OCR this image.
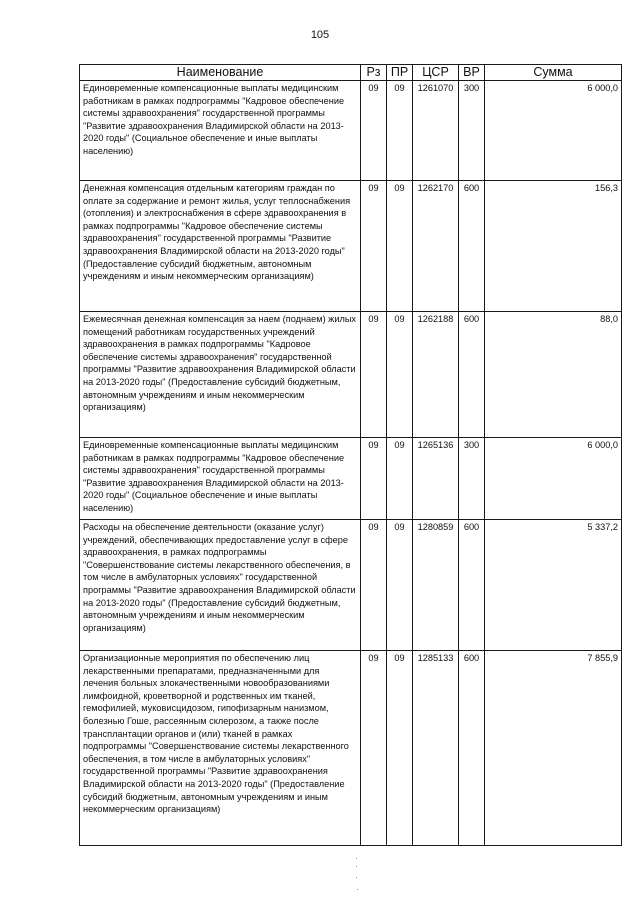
105
Наименование	Рз	ПР	ЦСР	ВР	Сумма
Единовременные компенсационные выплаты медицинским работникам в рамках подпрограммы "Кадровое обеспечение системы здравоохранения" государственной программы "Развитие здравоохранения Владимирской области на 2013-2020 годы" (Социальное обеспечение и иные выплаты населению)	09	09	1261070	300	6 000,0
Денежная компенсация отдельным категориям граждан по оплате за содержание и ремонт жилья, услуг теплоснабжения (отопления) и электроснабжения в сфере здравоохранения в рамках подпрограммы "Кадровое обеспечение системы здравоохранения" государственной программы "Развитие здравоохранения Владимирской области на 2013-2020 годы" (Предоставление субсидий бюджетным, автономным учреждениям и иным некоммерческим организациям)	09	09	1262170	600	156,3
Ежемесячная денежная компенсация за наем (поднаем) жилых помещений работникам государственных учреждений здравоохранения в рамках подпрограммы "Кадровое обеспечение системы здравоохранения" государственной программы "Развитие здравоохранения Владимирской области на 2013-2020 годы" (Предоставление субсидий бюджетным, автономным учреждениям и иным некоммерческим организациям)	09	09	1262188	600	88,0
Единовременные компенсационные выплаты медицинским работникам в рамках подпрограммы "Кадровое обеспечение системы здравоохранения" государственной программы "Развитие здравоохранения Владимирской области на 2013-2020 годы" (Социальное обеспечение и иные выплаты населению)	09	09	1265136	300	6 000,0
Расходы на обеспечение деятельности (оказание услуг) учреждений, обеспечивающих предоставление услуг в сфере здравоохранения, в рамках подпрограммы "Совершенствование системы лекарственного обеспечения, в том числе в амбулаторных условиях" государственной программы "Развитие здравоохранения Владимирской области на 2013-2020 годы" (Предоставление субсидий бюджетным, автономным учреждениям и иным некоммерческим организациям)	09	09	1280859	600	5 337,2
Организационные мероприятия по обеспечению лиц лекарственными препаратами, предназначенными для лечения больных злокачественными новообразованиями лимфоидной, кроветворной и родственных им тканей, гемофилией, муковисцидозом, гипофизарным нанизмом, болезнью Гоше, рассеянным склерозом, а также после трансплантации органов и (или) тканей в рамках подпрограммы "Совершенствование системы лекарственного обеспечения, в том числе в амбулаторных условиях" государственной программы "Развитие здравоохранения Владимирской области на 2013-2020 годы" (Предоставление субсидий бюджетным, автономным учреждениям и иным некоммерческим организациям)	09	09	1285133	600	7 855,9
